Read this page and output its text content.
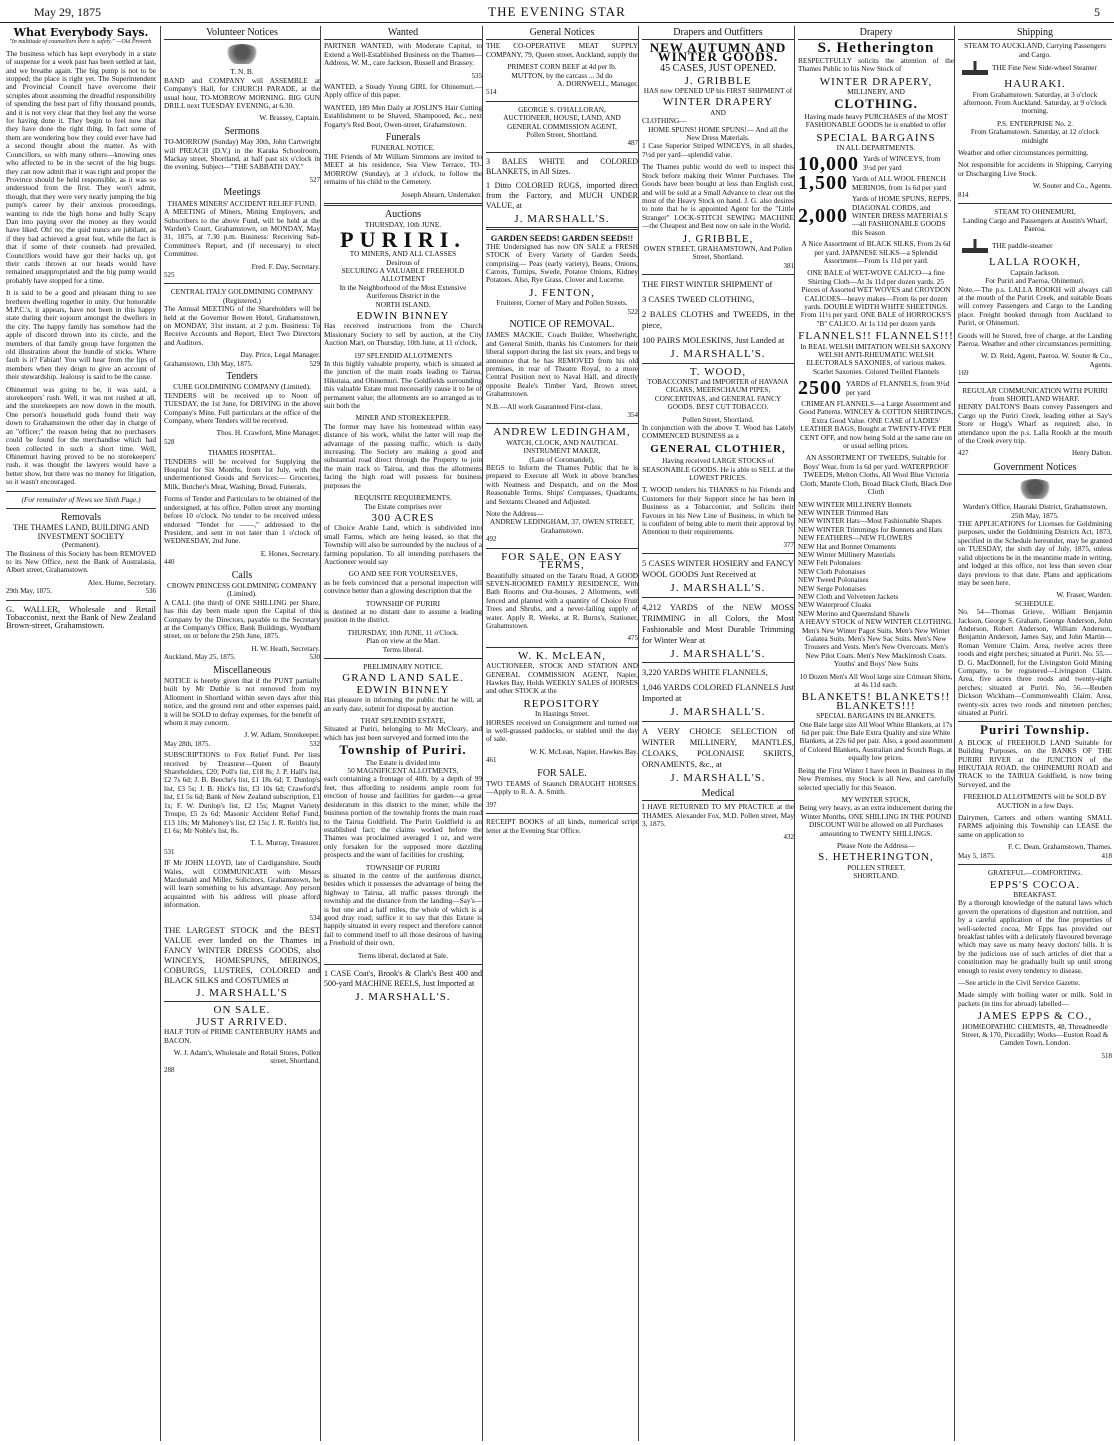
May 29, 1875	THE EVENING STAR	5
What Everybody Says.
"In multitude of counsellors there is safety." —Old Proverb.

The business which has kept everybody in a state of suspense for a week past has been settled at last, and we breathe again. The big pump is not to be stopped; the place is right yet. The Superintendent and Provincial Council have overcome their scruples about assuming the dreadful responsibility of spending the best part of fifty thousand pounds, and it is not very clear that they feel any the worse for having done it. They begin to feel now that they have done the right thing. In fact some of them are wondering how they could ever have had a second thought about the matter. As with Councillors, so with many others—knowing ones who affected to be in the secret of the big bugs: they can now admit that it was right and proper the Province should be held responsible, as it was so understood from the first. They won't admit, though, that they were very nearly jumping the big pump's career by their anxious proceedings, wanting to ride the high horse and bully Scapy Dan into paying over the money as they would have liked. Oh! no; the quid nuncs are jubilant, as if they had achieved a great feat, while the fact is that if some of their counsels had prevailed, Councillors would have got their backs up, got their cards thrown at our heads would have remained unappropriated and the big pump would probably have stopped for a time.

It is said to be a good and pleasant thing to see brethren dwelling together in unity. Our honorable M.P.C.'s, it appears, have not been in this happy state during their sojourn amongst the dwellers in the city. The happy family has somehow had the apple of discord thrown into its circle, and the members of that family group have forgotten the old illustration about the bundle of sticks. Where fault is it? Fabian! You will hear from the lips of members when they deign to give an account of their stewardship. Jealousy is said to be the cause.

Ohinemuri was going to be, it was said, a storekeepers' rush. Well, it was not rushed at all, and the storekeepers are now down in the mouth. One person's household gods found their way down to Grahamstown the other day in charge of an "officer;" the reason being that no purchasers could be found for the merchandise which had been collected in such a short time. Well, Ohinemuri having proved to be no storekeepers' rush, it was thought the lawyers would have a better show, but there was no money for litigation, so it wasn't encouraged.

(For remainder of News see Sixth Page.)
Removals
THE THAMES LAND, BUILDING AND INVESTMENT SOCIETY
(Permanent).

The Business of this Society has been REMOVED to its New Office, next the Bank of Australasia, Albert street, Grahamstown.

Alex. Hume, Secretary.
29th May, 1875.	536

G. WALLER, Wholesale and Retail Tobacconist, next the Bank of New Zealand Brown-street, Grahamstown.

Volunteer Notices
T. N. B.

BAND and COMPANY will ASSEMBLE at Company's Hall, for CHURCH PARADE, at the usual hour, TO-MORROW MORNING. BIG GUN DRILL next TUESDAY EVENING, at 6.30.

W. Brassey, Captain.
Sermons

TO-MORROW (Sunday) May 30th, John Cartwright will PREACH (D.V.) in the Karaka Schoolroom, Mackay street, Shortland, at half past six o'clock in the evening. Subject—"THE SABBATH DAY."

527
Meetings
THAMES MINERS' ACCIDENT RELIEF FUND.

A MEETING of Miners, Mining Employers, and Subscribers to the above Fund, will be held at the Warden's Court, Grahamstown, on MONDAY, May 31, 1875, at 7.30 p.m. Business: Receiving Sub-Committee's Report, and (if necessary) to elect Committee.

Fred. F. Day, Secretary.
525
CENTRAL ITALY GOLDMINING COMPANY (Registered.)

The Annual MEETING of the Shareholders will be held at the Governor Bowen Hotel, Grahamstown, on MONDAY, 31st instant, at 2 p.m. Business: To Receive Accounts and Report, Elect Two Directors and Auditors.

Day. Price, Legal Manager.
Grahamstown, 13th May, 1875.	529
Tenders
CURE GOLDMINING COMPANY (Limited).

TENDERS will be received up to Noon of TUESDAY, the 1st June, for DRIVING in the above Company's Mine. Full particulars at the office of the Company, where Tenders will be received.

Thos. H. Crawford, Mine Manager.
528
THAMES HOSPITAL.

TENDERS will be received for Supplying the Hospital for Six Months, from 1st July, with the undermentioned Goods and Services:— Groceries, Milk, Butcher's Meat, Washing, Bread, Funerals.

Forms of Tender and Particulars to be obtained of the undersigned, at his office, Pollen street any morning before 10 o'clock. No tender to be received unless endorsed "Tender for ——," addressed to the President, and sent in not later than 1 o'clock of WEDNESDAY, 2nd June.

E. Hones, Secretary.
440
Calls
CROWN PRINCESS GOLDMINING COMPANY (Limited).

A CALL (the third) of ONE SHILLING per Share, has this day been made upon the Capital of this Company by the Directors, payable to the Secretary at the Company's Office, Bank Buildings, Wyndham street, on or before the 25th June, 1875.

H. W. Heath, Secretary.
Auckland, May 25, 1875.	530
Miscellaneous

NOTICE is hereby given that if the PUNT partially built by Mr Duthie is not removed from my Allotment in Shortland within seven days after this notice, and the ground rent and other expenses paid, it will be SOLD to defray expenses, for the benefit of whom it may concern.

J. W. Adlam, Storekeeper.
May 28th, 1875.	532

SUBSCRIPTIONS to Fox Relief Fund. Per lists received by Treasurer—Queen of Beauty Shareholders, £20; Poll's list, £18 8s; J. P. Hall's list, £2 7s 6d; J. B. Beeche's list, £1 18s 6d; T. Dunlop's list, £3 5s; J. B. Hick's list, £3 10s 6d; Crawford's list, £1 5s 6d; Bank of New Zealand subscription, £1 1s; F. W. Dunlop's list, £2 15s; Magnet Variety Troupe, £5 2s 6d; Masonic Accident Relief Fund, £13 10s; Mr Mahoney's list, £2 15s; J. R. Reith's list, £1 6s; Mr Noble's list, 8s.

T. L. Murray, Treasurer.
531

IF Mr JOHN LLOYD, late of Cardiganshire, South Wales, will COMMUNICATE with Messrs Macdonald and Miller, Solicitors, Grahamstown, he will learn something to his advantage. Any person acquainted with his address will please afford information.

534

THE LARGEST STOCK and the BEST VALUE ever landed on the Thames in FANCY WINTER DRESS GOODS, also WINCEYS, HOMESPUNS, MERINOS, COBURGS, LUSTRES, COLORED and BLACK SILKS and COSTUMES at

J. MARSHALL'S
ON SALE.
JUST ARRIVED.

HALF TON of PRIME CANTERBURY HAMS and BACON.

W. J. Adam's, Wholesale and Retail Stores, Pollen street, Shortland.
288
Wanted

PARTNER WANTED, with Moderate Capital, to Extend a Well-Established Business on the Thames—Address, W. M., care Jackson, Russell and Brassey.

535

WANTED, a Steady Young GIRL for Ohinemuri.—Apply office of this paper.

WANTED, 189 Men Daily at JOSLIN'S Hair Cutting Establishment to be Shaved, Shampooed, &c., next Fogarty's Red Boot, Owen-street, Grahamstown.

Funerals
FUNERAL NOTICE.

THE Friends of Mr William Simmons are invited to MEET at his residence, Sea View Terrace, TO-MORROW (Sunday), at 3 o'clock, to follow the remains of his child to the Cemetery.

Joseph Ahearn, Undertaker.
Auctions
THURSDAY, 10th JUNE.
PURIRI.
TO MINERS, AND ALL CLASSES
Desirous of
SECURING A VALUABLE FREEHOLD ALLOTMENT
In the Neighborhood of the Most Extensive Auriferous District in the
NORTH ISLAND.
EDWIN BINNEY

Has received instructions from the Church Missionary Society to sell by auction, at the City Auction Mart, on Thursday, 10th June, at 11 o'clock,

197 SPLENDID ALLOTMENTS

In this highly valuable property, which is situated at the junction of the main roads leading to Tairua, Hikutaia, and Ohinemuri. The Goldfields surrounding this valuable Estate must necessarily cause it to be of permanent value; the allotments are so arranged as to suit both the

MINER AND STOREKEEPER.

The former may have his homestead within easy distance of his work, whilst the latter will reap the advantage of the passing traffic, which is daily increasing. The Society are making a good and substantial road direct through the Property to join the main track to Tairua, and thus the allotments facing the high road will possess for business purposes the

REQUISITE REQUIREMENTS.
The Estate comprises over
300 ACRES

of Choice Arable Land, which is subdivided into small Farms, which are being leased, so that the Township will also be surrounded by the nucleus of a farming population. To all intending purchasers the Auctioneer would say

GO AND SEE FOR YOURSELVES,

as he feels convinced that a personal inspection will convince better than a glowing description that the

TOWNSHIP OF PURIRI

is destined at no distant date to assume a leading position in the district.

THURSDAY, 10th JUNE, 11 o'Clock.
Plan on view at the Mart.
Terms liberal.
PRELIMINARY NOTICE.
GRAND LAND SALE.
EDWIN BINNEY

Has pleasure in informing the public that he will, at an early date, submit for disposal by auction

THAT SPLENDID ESTATE,

Situated at Puriri, belonging to Mr McCleary, and which has just been surveyed and formed into the

Township of Puriri.
The Estate is divided into
50 MAGNIFICENT ALLOTMENTS,

each containing a frontage of 40ft. by a depth of 99 feet, thus affording to residents ample room for erection of house and facilities for garden—a great desideratum in this district to the miner, while the business portion of the township fronts the main road to the Tairua Goldfield. The Puriri Goldfield is an established fact; the claims worked before the Thames was proclaimed averaged 1 oz, and were only forsaken for the supposed more dazzling prospects and the want of facilities for crushing.

TOWNSHIP OF PURIRI

is situated in the centre of the auriferous district, besides which it possesses the advantage of being the highway to Tairua, all traffic passes through the township and the distance from the landing—Say's—is but one and a half miles, the whole of which is a good dray road; suffice it to say that this Estate is happily situated in every respect and therefore cannot fail to commend itself to all those desirous of having a Freehold of their own.

Terms liberal, declared at Sale.

1 CASE Coat's, Brook's & Clark's Best 400 and 500-yard MACHINE REELS, Just Imported at

J. MARSHALL'S.
General Notices

THE CO-OPERATIVE MEAT SUPPLY COMPANY, 79, Queen street, Auckland, supply the

PRIMEST CORN BEEF at 4d per lb.
MUTTON, by the carcass ... 3d do
A. DORNWELL, Manager.
514
GEORGE S. O'HALLORAN,
AUCTIONEER, HOUSE, LAND, AND GENERAL COMMISSION AGENT,
Pollen Street, Shortland.
487

3 BALES WHITE and COLORED BLANKETS, in All Sizes.

1 Ditto COLORED RUGS, imported direct from the Factory, and MUCH UNDER VALUE, at

J. MARSHALL'S.
GARDEN SEEDS! GARDEN SEEDS!!

THE Undersigned has now ON SALE a FRESH STOCK of Every Variety of Garden Seeds, comprising— Peas (early variety), Beans, Onions, Carrots, Turnips, Swede, Potatoe Onions, Kidney Potatoes. Also, Rye Grass, Clover and Lucerne.

J. FENTON,
Fruiterer, Corner of Mary and Pollen Streets.
522
NOTICE OF REMOVAL.

JAMES MACKIE, Coach Builder, Wheelwright, and General Smith, thanks his Customers for their liberal support during the last six years, and begs to announce that he has REMOVED from his old premises, in rear of Theatre Royal, to a more Central Position next to Naval Hall, and directly opposite Beale's Timber Yard, Brown street, Grahamstown.

N.B.—All work Guaranteed First-class.
354
ANDREW LEDINGHAM,
WATCH, CLOCK, AND NAUTICAL INSTRUMENT MAKER,
(Late of Coromandel),

BEGS to Inform the Thames Public that he is prepared to Execute all Work in above branches with Neatness and Despatch, and on the Most Reasonable Terms. Ships' Compasses, Quadrants, and Sextants Cleaned and Adjusted.

Note the Address—
ANDREW LEDINGHAM, 37, OWEN STREET, Grahamstown.
492
FOR SALE, ON EASY TERMS,

Beautifully situated on the Tararu Road, A GOOD SEVEN-ROOMED FAMILY RESIDENCE, With Bath Rooms and Out-houses, 2 Allotments, well fenced and planted with a quantity of Choice Fruit Trees and Shrubs, and a never-failing supply of water. Apply R. Weeks, at R. Burns's, Stationer, Grahamstown.

475
W. K. McLEAN,

AUCTIONEER, STOCK AND STATION AND GENERAL COMMISSION AGENT, Napier, Hawkes Bay, Holds WEEKLY SALES of HORSES and other STOCK at the

REPOSITORY
In Hastings Street.

HORSES received on Consignment and turned out in well-grassed paddocks, or stabled until the day of sale.

W. K. McLean, Napier, Hawkes Bay.
461
FOR SALE.

TWO TEAMS of Staunch DRAUGHT HORSES.—Apply to R. A. A. Smith.

397

RECEIPT BOOKS of all kinds, numerical script letter at the Evening Star Office.

Drapers and Outfitters
NEW AUTUMN AND WINTER GOODS.
45 CASES, JUST OPENED.
J. GRIBBLE
HAS now OPENED UP his FIRST SHIPMENT of
WINTER DRAPERY
AND
CLOTHING—
HOME SPUNS! HOME SPUNS!— And all the New Dress Materials.

1 Case Superior Striped WINCEYS, in all shades, 7½d per yard—splendid value.

The Thames public would do well to inspect this Stock before making their Winter Purchases. The Goods have been bought at less than English cost, and will be sold at a Small Advance to clear out the most of the Heavy Stock on hand. J. G. also desires to note that he is appointed Agent for the "Little Stranger" LOCK-STITCH SEWING MACHINE —the Cheapest and Best now on sale in the World.

J. GRIBBLE,
OWEN STREET, GRAHAMSTOWN, And Pollen Street, Shortland.
381

THE FIRST WINTER SHIPMENT of

3 CASES TWEED CLOTHING,

2 BALES CLOTHS and TWEEDS, in the piece,

100 PAIRS MOLESKINS, Just Landed at

J. MARSHALL'S.
T. WOOD,

TOBACCONIST and IMPORTER of HAVANA CIGARS, MEERSCHAUM PIPES, CONCERTINAS, and GENERAL FANCY GOODS. BEST CUT TOBACCO.

Pollen Street, Shortland.

In conjunction with the above T. Wood has Lately COMMENCED BUSINESS as a

GENERAL CLOTHIER,

Having received LARGE STOCKS of SEASONABLE GOODS. He is able to SELL at the LOWEST PRICES.

T. WOOD tenders his THANKS to his Friends and Customers for their Support since he has been in Business as a Tobacconist, and Solicits their Favours in his New Line of Business, in which he is confident of being able to merit their approval by Attention to their requirements.

377

5 CASES WINTER HOSIERY and FANCY WOOL GOODS Just Received at

J. MARSHALL'S.

4,212 YARDS of the NEW MOSS TRIMMING in all Colors, the Most Fashionable and Most Durable Trimming for Winter Wear at

J. MARSHALL'S.

3,220 YARDS WHITE FLANNELS,

1,046 YARDS COLORED FLANNELS Just Imported at

J. MARSHALL'S.

A VERY CHOICE SELECTION of WINTER MILLINERY, MANTLES, CLOAKS, POLONAISE SKIRTS, ORNAMENTS, &c., at

J. MARSHALL'S.
Medical

I HAVE RETURNED TO MY PRACTICE at the THAMES. Alexander Fox, M.D. Pollen street, May 3, 1875.

432
Drapery
S. Hetherington

RESPECTFULLY solicits the attention of the Thames Public to his New Stock of

WINTER DRAPERY,
MILLINERY, AND
CLOTHING.

Having made heavy PURCHASES of the MOST FASHIONABLE GOODS he is enabled to offer

SPECIAL BARGAINS
IN ALL DEPARTMENTS.
10,000 Yards of WINCEYS, from 3½d per yard
1,500 Yards of ALL WOOL FRENCH MERINOS, from 1s 6d per yard
2,000
Yards of HOME SPUNS, REPPS, DIAGONAL CORDS, and WINTER DRESS MATERIALS—all FASHIONABLE GOODS this Season

A Nice Assortment of BLACK SILKS, From 2s 6d per yard. JAPANESE SILKS—a Splendid Assortment—From 1s 11d per yard.

ONE BALE of WET-WOVE CALICO—a fine Shirting Cloth—At 3s 11d per dozen yards. 25 Pieces of Assorted WET WOVES and CROYDON CALICOES—heavy makes—From 6s per dozen yards. DOUBLE WIDTH WHITE SHEETINGS. From 11½ per yard. ONE BALE of HORROCKS'S "B" CALICO. At 1s 11d per dozen yards

FLANNELS!! FLANNELS!!!

In REAL WELSH IMITATION WELSH SAXONY WELSH ANTI-RHEUMATIC WELSH ELECTORALS SAXONIES, of various makes. Scarlet Saxonies. Colored Twilled Flannels

2500 YARDS of FLANNELS, from 9½d per yard

CRIMEAN FLANNELS—a Large Assortment and Good Patterns. WINCEY & COTTON SHIRTINGS, Extra Good Value. ONE CASE of LADIES' LEATHER BAGS, Bought at TWENTY-FIVE PER CENT OFF, and now being Sold at the same rate on or usual selling prices.

AN ASSORTMENT OF TWEEDS, Suitable for Boys' Wear, from 1s 6d per yard. WATERPROOF TWEEDS, Melton Cloths, All Wool Blue Victoria Cloth, Mantle Cloth, Broad Black Cloth, Black Doe Cloth

NEW WINTER MILLINERY Bonnets
NEW WINTER Trimmed Hats
NEW WINTER Hats—Most Fashionable Shapes
NEW WINTER Trimmings for Bonnets and Hats
NEW FEATHERS—NEW FLOWERS
NEW Hat and Bonnet Ornaments
NEW Winter Millinery Materials
NEW Felt Polonaises
NEW Cloth Polonaises
NEW Tweed Polonaises
NEW Serge Polonaises
NEW Cloth and Velveteen Jackets
NEW Waterproof Cloaks
NEW Merino and Queensland Shawls

A HEAVY STOCK of NEW WINTER CLOTHING. Men's New Winter Pagot Suits. Men's New Winter Galatea Suits. Men's New Sac Suits. Men's New Trousers and Vests. Men's New Overcoats. Men's New Pilot Coats. Men's New Mackintosh Coats. Youths' and Boys' New Suits

10 Dozen Men's All Wool large size Crimean Shirts, at 4s 11d each.

BLANKETS! BLANKETS!! BLANKETS!!!
SPECIAL BARGAINS IN BLANKETS.

One Bale large size All Wool White Blankets, at 17s 6d per pair. One Bale Extra Quality and size White Blankets, at 22s 6d per pair. Also, a good assortment of Colored Blankets, Australian and Scotch Rugs, at equally low prices.

Being the First Winter I have been in Business in the New Premises, my Stock is all New, and carefully selected specially for this Season.

MY WINTER STOCK,

Being very heavy, as an extra inducement during the Winter Months, ONE SHILLING IN THE POUND DISCOUNT Will be allowed on all Purchases amounting to TWENTY SHILLINGS.

Please Note the Address—
S. HETHERINGTON,
POLLEN STREET,
SHORTLAND.
Shipping
STEAM TO AUCKLAND, Carrying Passengers and Cargo.
THE Fine New Side-wheel Steamer
HAURAKI.

From Grahamstown. Saturday, at 3 o'clock afternoon. From Auckland. Saturday, at 9 o'clock morning.

P.S. ENTERPRISE No. 2.

From Grahamstown. Saturday, at 12 o'clock midnight

Weather and other circumstances permitting.

Not responsible for accidents in Shipping, Carrying or Discharging Live Stock.

W. Souter and Co., Agents.
814
STEAM TO OHINEMURI,

Landing Cargo and Passengers at Austin's Wharf, Paeroa.

THE paddle-steamer
LALLA ROOKH,
Captain Jackson.
For Puriri and Paeroa, Ohinemuri.

Note.—The p.s. LALLA ROOKH will always call at the mouth of the Puriri Creek, and suitable Boats will convey Passengers and Cargo to the Landing place. Freight booked through from Auckland to Puriri, or Ohinemuri.

Goods will be Stored, free of charge, at the Landing Paeroa. Weather and other circumstances permitting.

W. D. Reid, Agent, Paeroa. W. Souter & Co., Agents.
169
REGULAR COMMUNICATION WITH PURIRI from SHORTLAND WHARF.

HENRY DALTON'S Boats convey Passengers and Cargo up the Puriri Creek, leading either at Say's Store or Hogg's Wharf as required; also, in attendance upon the p.s. Lalla Rookh at the mouth of the Creek every trip.

427	Henry Dalton.
Government Notices
Warden's Office, Hauraki District, Grahamstown, 25th May, 1875.

THE APPLICATIONS for Licenses for Goldmining purposes, under the Goldmining Districts Act, 1873, specified in the Schedule hereunder, may be granted on TUESDAY, the sixth day of July, 1875, unless valid objections be in the meantime made in writing, and lodged at this office, not less than seven clear days previous to that date. Plans and applications may be seen here.

W. Fraser, Warden.
SCHEDULE.

No. 54—Thomas Grieve, William Benjamin Jackson, George S. Graham, George Anderson, John Anderson, Robert Anderson, William Anderson, Benjamin Anderson, James Say, and John Martin—Roman Venture Claim. Area, twelve acres three roods and eight perches; situated at Puriri. No. 55.—D. G. MacDonnell, for the Livingston Gold Mining Company, to be registered—Livingston Claim. Area, five acres three roods and twenty-eight perches; situated at Puriri. No. 56.—Reuben Dickson Wickham—Commonwealth Claim. Area, twenty-six acres two roods and nineteen perches; situated at Puriri.

Puriri Township.

A BLOCK of FREEHOLD LAND Suitable for Building Purposes, on the BANKS OF THE PURIRI RIVER at the JUNCTION of the HIKUTAIA ROAD, the OHINEMURI ROAD and TRACK to the TAIRUA Goldfield, is now being Surveyed, and the

FREEHOLD ALLOTMENTS will be SOLD BY AUCTION in a few Days.

Dairymen, Carters and others wanting SMALL FARMS adjoining this Township can LEASE the same on application to

F. C. Dean, Grahamstown, Thames.
May 5, 1875.	418
GRATEFUL—COMFORTING.
EPPS'S COCOA.
BREAKFAST.

By a thorough knowledge of the natural laws which govern the operations of digestion and nutrition, and by a careful application of the fine properties of well-selected cocoa, Mr Epps has provided our breakfast tables with a delicately flavoured beverage which may save us many heavy doctors' bills. It is by the judicious use of such articles of diet that a constitution may be gradually built up until strong enough to resist every tendency to disease.

—See article in the Civil Service Gazette.

Made simply with boiling water or milk. Sold in packets (in tins for abroad) labelled—

JAMES EPPS & CO.,

HOMŒOPATHIC CHEMISTS, 48, Threadneedle Street, & 170, Piccadilly; Works—Euston Road & Camden Town, London.

518
